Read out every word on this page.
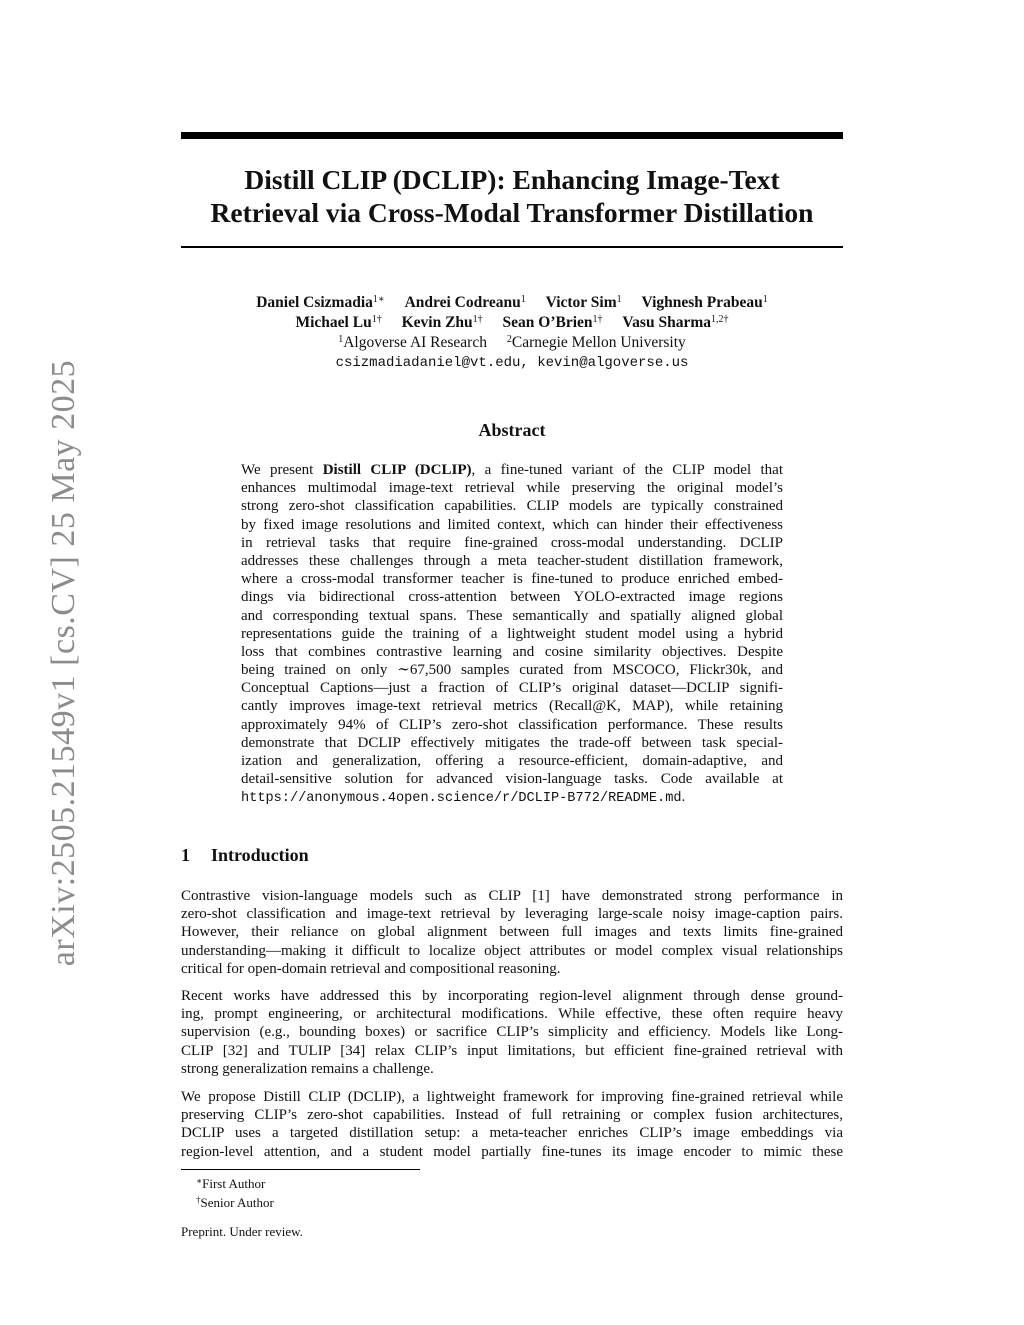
arXiv:2505.21549v1 [cs.CV] 25 May 2025
Distill CLIP (DCLIP): Enhancing Image-Text
Retrieval via Cross-Modal Transformer Distillation
Daniel Csizmadia$^{1∗}$ Andrei Codreanu$^1$ Victor Sim$^1$ Vighnesh Prabeau$^1$
Michael $Lu^{1\dagger}$ Kevin Zhu$^{1\dagger}$ Sean O’Brien$^{1\dagger}$ Vasu Sharma$^{1,2\dagger}$
$^1$Algoverse AI Research $^2$Carnegie Mellon University
csizmadiadaniel@vt.edu, kevin@algoverse.us
Abstract
We present Distill CLIP (DCLIP), a fine-tuned variant of the CLIP model that
enhances multimodal image-text retrieval while preserving the original model’s
strong zero-shot classification capabilities. CLIP models are typically constrained
by fixed image resolutions and limited context, which can hinder their effectiveness
in retrieval tasks that require fine-grained cross-modal understanding. DCLIP
addresses these challenges through a meta teacher-student distillation framework,
where a cross-modal transformer teacher is fine-tuned to produce enriched embed-
dings via bidirectional cross-attention between YOLO-extracted image regions
and corresponding textual spans. These semantically and spatially aligned global
representations guide the training of a lightweight student model using a hybrid
loss that combines contrastive learning and cosine similarity objectives. Despite
being trained on only ∼67,500 samples curated from MSCOCO, Flickr30k, and
Conceptual Captions—just a fraction of CLIP’s original dataset—DCLIP signifi-
cantly improves image-text retrieval metrics (Recall@K, MAP), while retaining
approximately 94% of CLIP’s zero-shot classification performance. These results
demonstrate that DCLIP effectively mitigates the trade-off between task special-
ization and generalization, offering a resource-efficient, domain-adaptive, and
detail-sensitive solution for advanced vision-language tasks. Code available at
https://anonymous.4open.science/r/DCLIP-B772/README.md.
1 Introduction
Contrastive vision-language models such as CLIP [1] have demonstrated strong performance in
zero-shot classification and image-text retrieval by leveraging large-scale noisy image-caption pairs.
However, their reliance on global alignment between full images and texts limits fine-grained
understanding—making it difficult to localize object attributes or model complex visual relationships
critical for open-domain retrieval and compositional reasoning.
Recent works have addressed this by incorporating region-level alignment through dense ground-
ing, prompt engineering, or architectural modifications. While effective, these often require heavy
supervision (e.g., bounding boxes) or sacrifice CLIP’s simplicity and efficiency. Models like Long-
CLIP [32] and TULIP [34] relax CLIP’s input limitations, but efficient fine-grained retrieval with
strong generalization remains a challenge.
We propose Distill CLIP (DCLIP), a lightweight framework for improving fine-grained retrieval while
preserving CLIP’s zero-shot capabilities. Instead of full retraining or complex fusion architectures,
DCLIP uses a targeted distillation setup: a meta-teacher enriches CLIP’s image embeddings via
region-level attention, and a student model partially fine-tunes its image encoder to mimic these
∗First Author
†Senior Author
Preprint. Under review.
